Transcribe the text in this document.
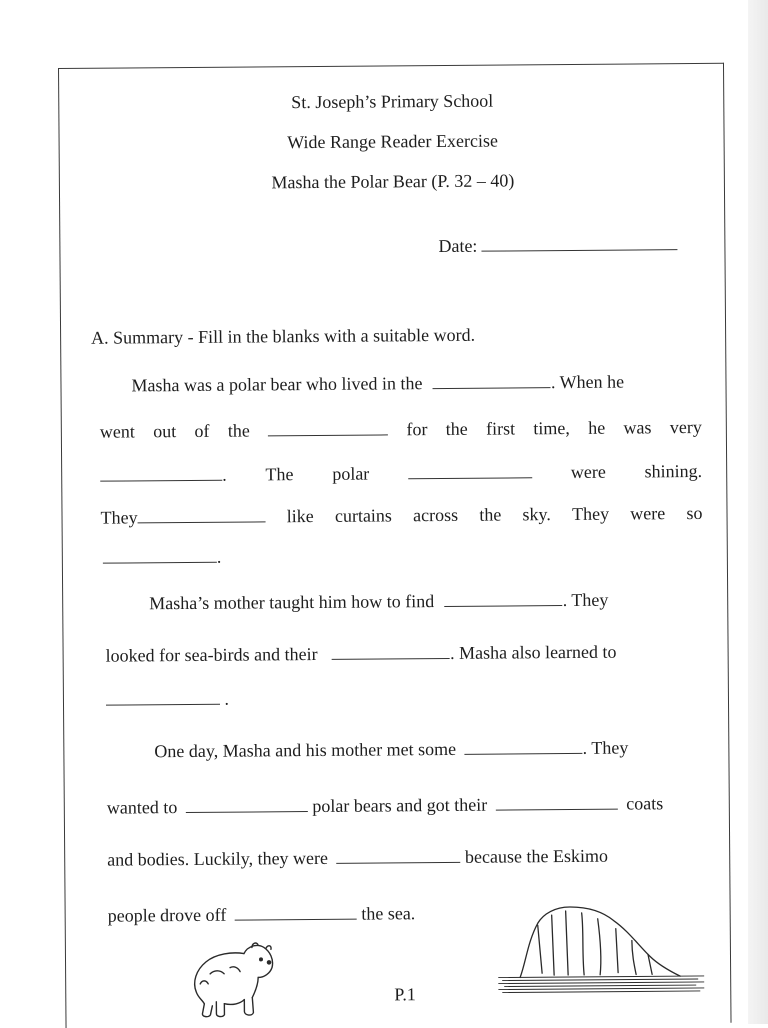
St. Joseph’s Primary School
Wide Range Reader Exercise
Masha the Polar Bear (P. 32 – 40)
Date:
A. Summary - Fill in the blanks with a suitable word.
Masha was a polar bear who lived in the	. When he
went out of the	for the first time, he was very
. The polar	were shining.
They	like curtains across the sky. They were so
.
Masha’s mother taught him how to find	. They
looked for sea-birds and their	. Masha also learned to
.
One day, Masha and his mother met some	. They
wanted to	polar bears and got their	coats
and bodies. Luckily, they were	because the Eskimo
people drove off	the sea.
P.1
